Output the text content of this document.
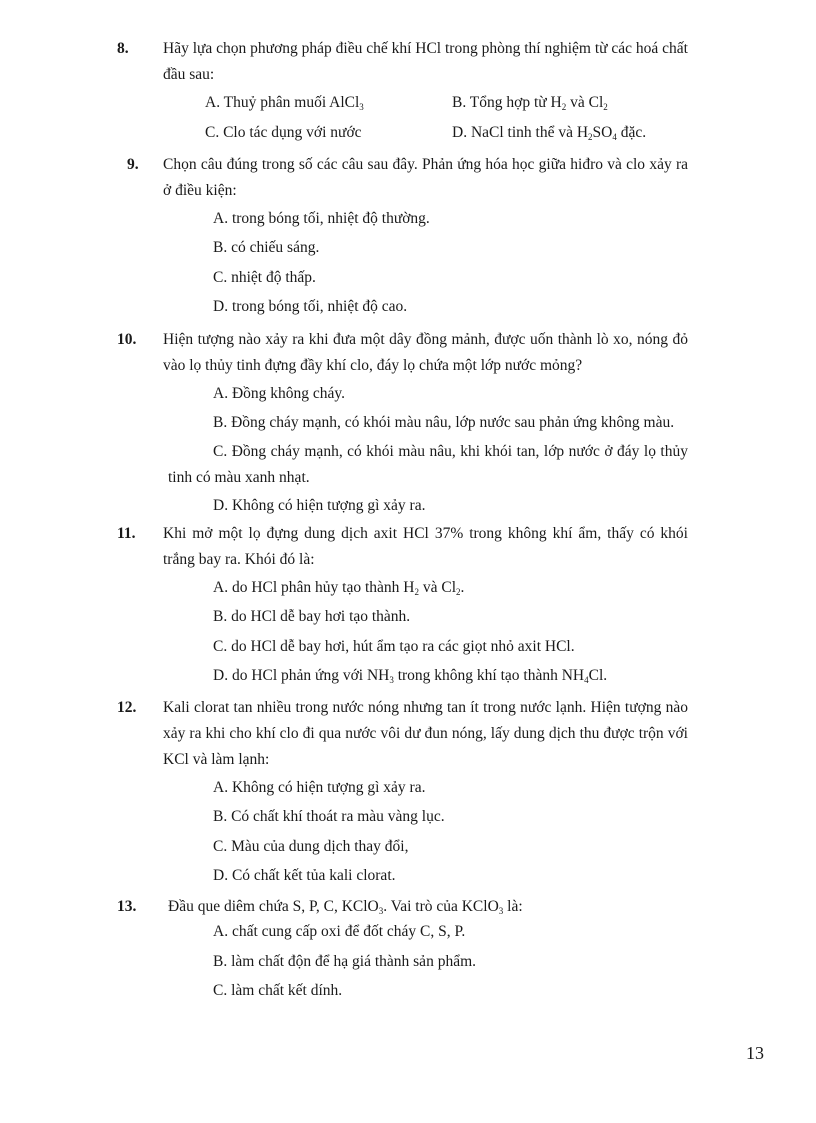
8. Hãy lựa chọn phương pháp điều chế khí HCl trong phòng thí nghiệm từ các hoá chất đầu sau:
A. Thuỷ phân muối AlCl$_3$	B. Tổng hợp từ $H_2$ và $Cl_2$
C. Clo tác dụng với nước	D. NaCl tinh thể và $H_2SO_4$ đặc.
9. Chọn câu đúng trong số các câu sau đây. Phản ứng hóa học giữa hiđro và clo xảy ra ở điều kiện:
A. trong bóng tối, nhiệt độ thường.
B. có chiếu sáng.
C. nhiệt độ thấp.
D. trong bóng tối, nhiệt độ cao.
10. Hiện tượng nào xảy ra khi đưa một dây đồng mảnh, được uốn thành lò xo, nóng đỏ vào lọ thủy tinh đựng đầy khí clo, đáy lọ chứa một lớp nước mỏng?
A. Đồng không cháy.
B. Đồng cháy mạnh, có khói màu nâu, lớp nước sau phản ứng không màu.
C. Đồng cháy mạnh, có khói màu nâu, khi khói tan, lớp nước ở đáy lọ thủy tinh có màu xanh nhạt.
D. Không có hiện tượng gì xảy ra.
11. Khi mở một lọ đựng dung dịch axit HCl 37% trong không khí ẩm, thấy có khói trắng bay ra. Khói đó là:
A. do HCl phân hủy tạo thành $H_2$ và $Cl_2$.
B. do HCl dễ bay hơi tạo thành.
C. do HCl dễ bay hơi, hút ẩm tạo ra các giọt nhỏ axit HCl.
D. do HCl phản ứng với $NH_3$ trong không khí tạo thành $NH_4Cl$.
12. Kali clorat tan nhiều trong nước nóng nhưng tan ít trong nước lạnh. Hiện tượng nào xảy ra khi cho khí clo đi qua nước vôi dư đun nóng, lấy dung dịch thu được trộn với KCl và làm lạnh:
A. Không có hiện tượng gì xảy ra.
B. Có chất khí thoát ra màu vàng lục.
C. Màu của dung dịch thay đổi,
D. Có chất kết tủa kali clorat.
13. Đầu que diêm chứa S, P, C, KClO$_3$. Vai trò của KClO$_3$ là:
A. chất cung cấp oxi để đốt cháy C, S, P.
B. làm chất độn để hạ giá thành sản phẩm.
C. làm chất kết dính.
13
